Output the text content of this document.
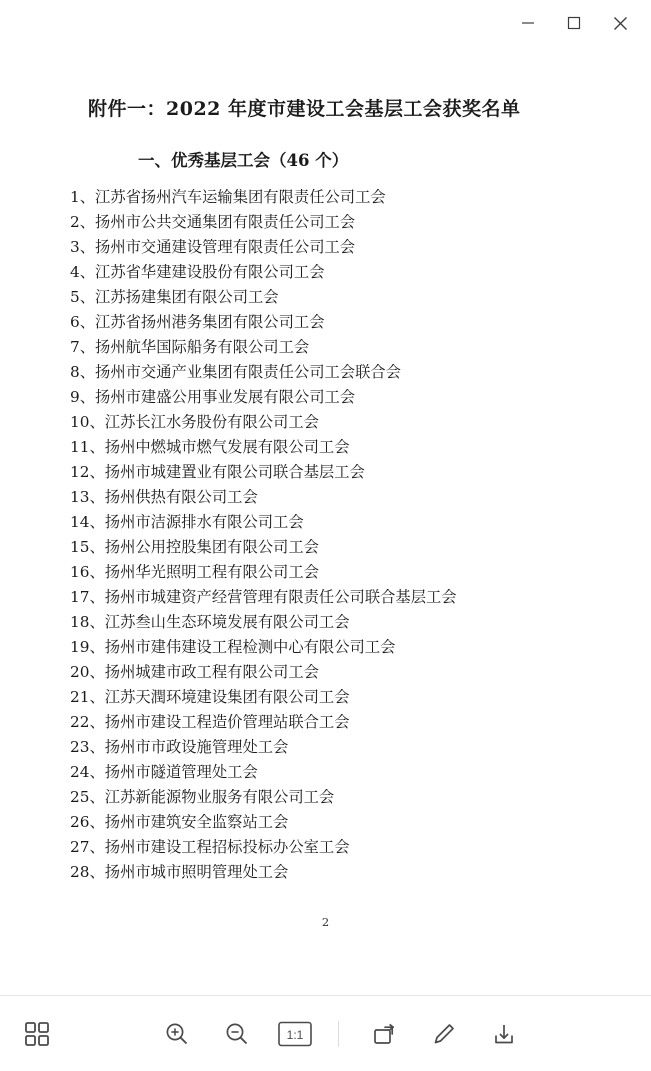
附件一：2022 年度市建设工会基层工会获奖名单
一、优秀基层工会（46 个）
1、江苏省扬州汽车运输集团有限责任公司工会
2、扬州市公共交通集团有限责任公司工会
3、扬州市交通建设管理有限责任公司工会
4、江苏省华建建设股份有限公司工会
5、江苏扬建集团有限公司工会
6、江苏省扬州港务集团有限公司工会
7、扬州航华国际船务有限公司工会
8、扬州市交通产业集团有限责任公司工会联合会
9、扬州市建盛公用事业发展有限公司工会
10、江苏长江水务股份有限公司工会
11、扬州中燃城市燃气发展有限公司工会
12、扬州市城建置业有限公司联合基层工会
13、扬州供热有限公司工会
14、扬州市洁源排水有限公司工会
15、扬州公用控股集团有限公司工会
16、扬州华光照明工程有限公司工会
17、扬州市城建资产经营管理有限责任公司联合基层工会
18、江苏叁山生态环境发展有限公司工会
19、扬州市建伟建设工程检测中心有限公司工会
20、扬州城建市政工程有限公司工会
21、江苏天潤环境建设集团有限公司工会
22、扬州市建设工程造价管理站联合工会
23、扬州市市政设施管理处工会
24、扬州市隧道管理处工会
25、江苏新能源物业服务有限公司工会
26、扬州市建筑安全监察站工会
27、扬州市建设工程招标投标办公室工会
28、扬州市城市照明管理处工会
2
1:1
